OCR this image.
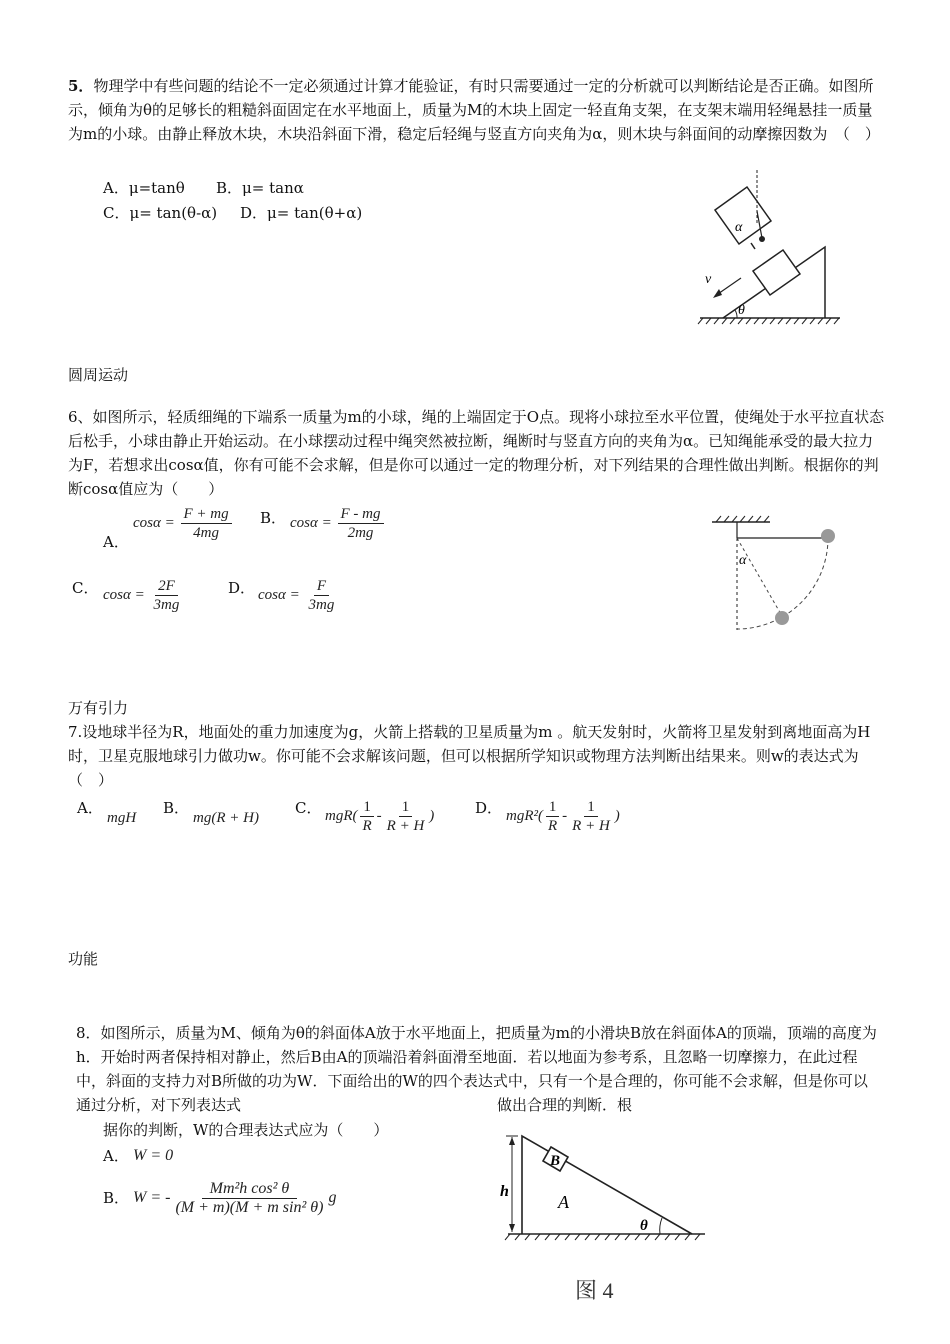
5．物理学中有些问题的结论不一定必须通过计算才能验证，有时只需要通过一定的分析就可以判断结论是否正确。如图所示，倾角为θ的足够长的粗糙斜面固定在水平地面上，质量为M的木块上固定一轻直角支架，在支架末端用轻绳悬挂一质量为m的小球。由静止释放木块，木块沿斜面下滑，稳定后轻绳与竖直方向夹角为α，则木块与斜面间的动摩擦因数为　（　）
A．μ=tanθ B．μ= tanα
C．μ= tan(θ-α) D．μ= tan(θ+α)
α
v
θ
圆周运动
6、如图所示，轻质细绳的下端系一质量为m的小球，绳的上端固定于O点。现将小球拉至水平位置，使绳处于水平拉直状态后松手，小球由静止开始运动。在小球摆动过程中绳突然被拉断，绳断时与竖直方向的夹角为α。已知绳能承受的最大拉力为F，若想求出cosα值，你有可能不会求解，但是你可以通过一定的物理分析，对下列结果的合理性做出判断。根据你的判断cosα值应为（　　）
A．
$\cos\alpha = \frac{F + mg}{4mg}$ B． $\cos\alpha = \frac{F - mg}{2mg}$
C． $\cos\alpha = \frac{2F}{3mg}$	D． $\cos\alpha = \frac{F}{3mg}$
α
万有引力
7.设地球半径为R，地面处的重力加速度为g，火箭上搭载的卫星质量为m 。航天发射时，火箭将卫星发射到离地面高为H时，卫星克服地球引力做功w。你可能不会求解该问题，但可以根据所学知识或物理方法判断出结果来。则w的表达式为（　）
A．
mgH
B．
mg(R + H)
C． $mgR( \frac{1}{R} - \frac{1}{R + H}$ )	D． $mgR^2( \frac{1}{R} - \frac{1}{R + H}$ )
功能
8．如图所示，质量为M、倾角为θ的斜面体A放于水平地面上，把质量为m的小滑块B放在斜面体A的顶端，顶端的高度为h．开始时两者保持相对静止，然后B由A的顶端沿着斜面滑至地面．若以地面为参考系，且忽略一切摩擦力，在此过程中，斜面的支持力对B所做的功为W．下面给出的W的四个表达式中，只有一个是合理的，你可能不会求解，但是你可以 通过分析，对下列表达式	做出合理的判断．根
据你的判断，W的合理表达式应为（　　）
A． W = 0
B． W = - $\frac{\text{Mm²h cos² θ}}{\text{(M + m)(M + m sin² θ)}}$ g
B
A
h
θ
图 4
